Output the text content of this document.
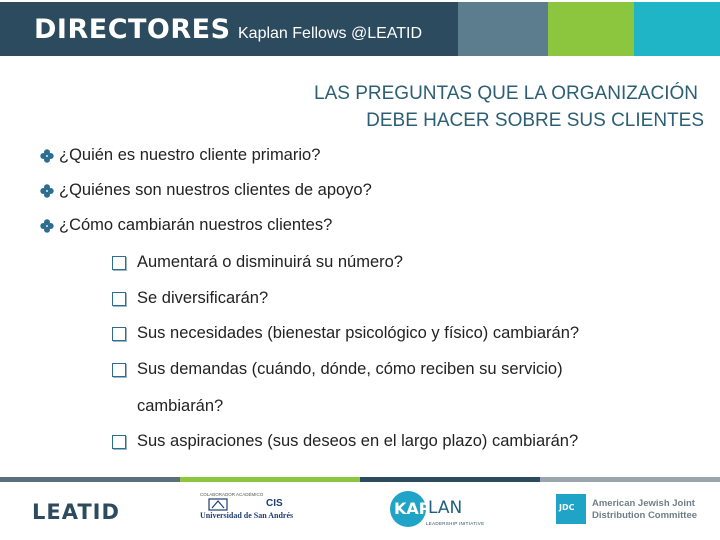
DIRECTORES Kaplan Fellows @LEATID
LAS PREGUNTAS QUE LA ORGANIZACIÓN
DEBE HACER SOBRE SUS CLIENTES
¿Quién es nuestro cliente primario?
¿Quiénes son nuestros clientes de apoyo?
¿Cómo cambiarán nuestros clientes?
Aumentará o disminuirá su número?
Se diversificarán?
Sus necesidades (bienestar psicológico y físico) cambiarán?
Sus demandas (cuándo, dónde, cómo reciben su servicio)
cambiarán?
Sus aspiraciones (sus deseos en el largo plazo) cambiarán?
LEATID
COLABORADOR ACADÉMICO
CIS
Universidad de San Andrés	KAP
LAN
LEADERSHIP INITIATIVE
JDC American Jewish Joint
Distribution Committee
